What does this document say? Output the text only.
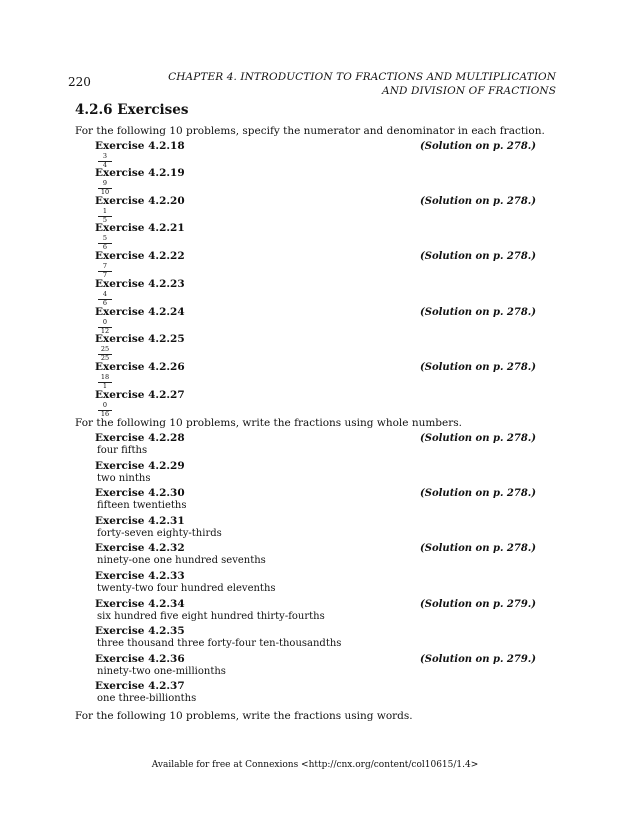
220	CHAPTER 4. INTRODUCTION TO FRACTIONS AND MULTIPLICATION
AND DIVISION OF FRACTIONS
4.2.6 Exercises

For the following 10 problems, specify the numerator and denominator in each fraction.

Exercise 4.2.18	(Solution on p. 278.)

3
4

Exercise 4.2.19

9
10

Exercise 4.2.20	(Solution on p. 278.)

1
5

Exercise 4.2.21

5
6

Exercise 4.2.22	(Solution on p. 278.)

7
7

Exercise 4.2.23

4
6

Exercise 4.2.24	(Solution on p. 278.)

0
12

Exercise 4.2.25

25
25

Exercise 4.2.26	(Solution on p. 278.)

18
1

Exercise 4.2.27

0
16

For the following 10 problems, write the fractions using whole numbers.

Exercise 4.2.28	(Solution on p. 278.)

four fifths

Exercise 4.2.29

two ninths

Exercise 4.2.30	(Solution on p. 278.)

fifteen twentieths

Exercise 4.2.31

forty-seven eighty-thirds

Exercise 4.2.32	(Solution on p. 278.)

ninety-one one hundred sevenths

Exercise 4.2.33

twenty-two four hundred elevenths

Exercise 4.2.34	(Solution on p. 279.)

six hundred five eight hundred thirty-fourths

Exercise 4.2.35

three thousand three forty-four ten-thousandths

Exercise 4.2.36	(Solution on p. 279.)

ninety-two one-millionths

Exercise 4.2.37

one three-billionths

For the following 10 problems, write the fractions using words.

Available for free at Connexions <http://cnx.org/content/col10615/1.4>
